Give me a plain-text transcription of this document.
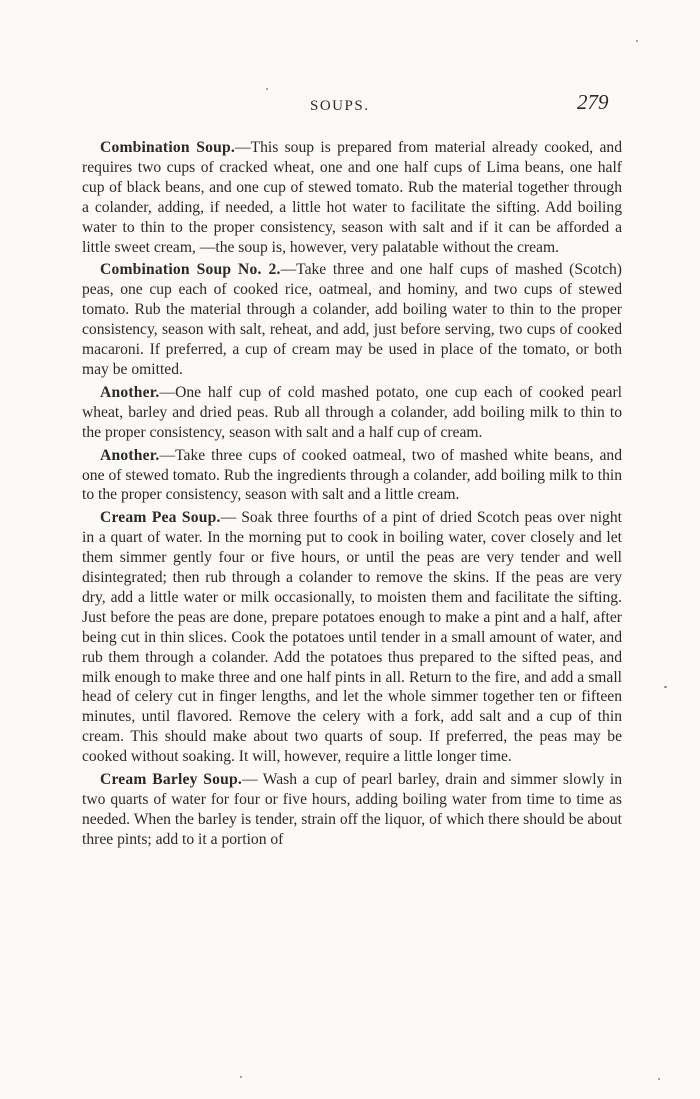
SOUPS.	279

Combination Soup.—This soup is prepared from material already cooked, and requires two cups of cracked wheat, one and one half cups of Lima beans, one half cup of black beans, and one cup of stewed tomato. Rub the material together through a colander, adding, if needed, a little hot water to facilitate the sifting. Add boiling water to thin to the proper consistency, season with salt and if it can be afforded a little sweet cream, —the soup is, however, very palatable without the cream.

Combination Soup No. 2.—Take three and one half cups of mashed (Scotch) peas, one cup each of cooked rice, oatmeal, and hominy, and two cups of stewed tomato. Rub the material through a colander, add boiling water to thin to the proper consistency, season with salt, reheat, and add, just before serving, two cups of cooked macaroni. If preferred, a cup of cream may be used in place of the tomato, or both may be omitted.

Another.—One half cup of cold mashed potato, one cup each of cooked pearl wheat, barley and dried peas. Rub all through a colander, add boiling milk to thin to the proper consistency, season with salt and a half cup of cream.

Another.—Take three cups of cooked oatmeal, two of mashed white beans, and one of stewed tomato. Rub the ingredients through a colander, add boiling milk to thin to the proper consistency, season with salt and a little cream.

Cream Pea Soup.— Soak three fourths of a pint of dried Scotch peas over night in a quart of water. In the morning put to cook in boiling water, cover closely and let them simmer gently four or five hours, or until the peas are very tender and well disintegrated; then rub through a colander to remove the skins. If the peas are very dry, add a little water or milk occasionally, to moisten them and facilitate the sifting. Just before the peas are done, prepare potatoes enough to make a pint and a half, after being cut in thin slices. Cook the potatoes until tender in a small amount of water, and rub them through a colander. Add the potatoes thus prepared to the sifted peas, and milk enough to make three and one half pints in all. Return to the fire, and add a small head of celery cut in finger lengths, and let the whole simmer together ten or fifteen minutes, until flavored. Remove the celery with a fork, add salt and a cup of thin cream. This should make about two quarts of soup. If preferred, the peas may be cooked without soaking. It will, however, require a little longer time.

Cream Barley Soup.— Wash a cup of pearl barley, drain and simmer slowly in two quarts of water for four or five hours, adding boiling water from time to time as needed. When the barley is tender, strain off the liquor, of which there should be about three pints; add to it a portion of
